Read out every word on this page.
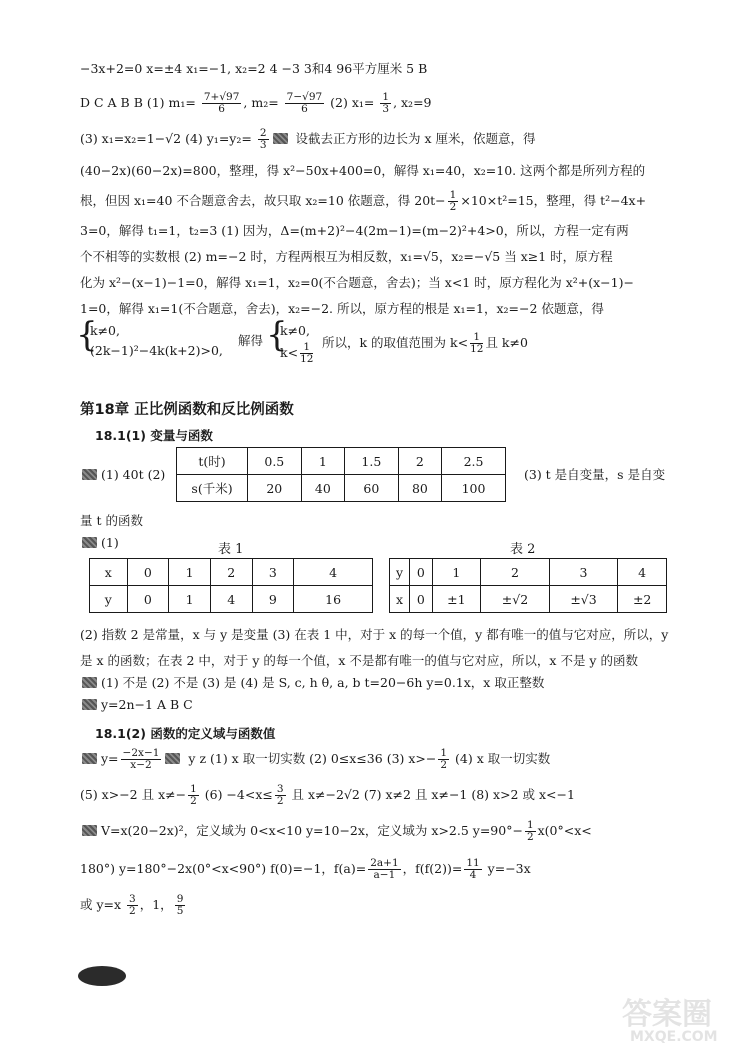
−3x+2=0 x=±4 x₁=−1, x₂=2 4 −3 3和4 96平方厘米 5 B
D C A B B (1) $m_1= \frac{7+√97}{6}$ , $m_2= \frac{7-√97}{6} (2)$ $x_1= \frac{1}{3}$ , x₂=9
(3) x₁=x₂=1−√2 (4) $y_1=y_2= \frac{2}{3}$ 设截去正方形的边长为 x 厘米，依题意，得
(40−2x)(60−2x)=800，整理，得 x²−50x+400=0，解得 x₁=40，x₂=10. 这两个都是所列方程的
根，但因 x₁=40 不合题意舍去，故只取 x₂=10 依题意，得 $20t- \frac{1}{2} \times 10\times t^2=15$，整理，得 t²−4x+
3=0，解得 t₁=1，t₂=3 (1) 因为，Δ=(m+2)²−4(2m−1)=(m−2)²+4>0，所以，方程一定有两
个不相等的实数根 (2) m=−2 时，方程两根互为相反数，x₁=√5，x₂=−√5 当 x≥1 时，原方程
化为 x²−(x−1)−1=0，解得 x₁=1，x₂=0(不合题意，舍去)；当 x<1 时，原方程化为 x²+(x−1)−
1=0，解得 x₁=1(不合题意，舍去)，x₂=−2. 所以，原方程的根是 x₁=1，x₂=−2 依题意，得
{
k≠0,
(2k−1)²−4k(k+2)>0,
解得 {
k≠0,
$k< \frac{1}{12}$ 所以，k 的取值范围为 $k< \frac{1}{12}$ 且 k≠0
第18章 正比例函数和反比例函数
18.1(1) 变量与函数
(1) 40t (2)
t(时)	0.5	1	1.5	2	2.5
s(千米)	20	40	60	80	100
(3) t 是自变量，s 是自变
量 t 的函数
(1)	表 1	表 2
x	0	1	2	3	4
y	0	1	4	9	16
y	0	1	2	3	4
x	0	±1	±√2	±√3	±2
(2) 指数 2 是常量，x 与 y 是变量 (3) 在表 1 中，对于 x 的每一个值，y 都有唯一的值与它对应，所以，y
是 x 的函数；在表 2 中，对于 y 的每一个值，x 不是都有唯一的值与它对应，所以，x 不是 y 的函数
(1) 不是 (2) 不是 (3) 是 (4) 是 S, c, h θ, a, b t=20−6h y=0.1x，x 取正整数
y=2n−1 A B C
18.1(2) 函数的定义域与函数值
$y= \frac{-2x-1}{x-2}$ y z (1) x 取一切实数 (2) 0≤x≤36 (3) $x>- \frac{1}{2} (4)$ x 取一切实数
(5) x>−2 且 $x\ne- \frac{1}{2} (6) -4<x\le \frac{3}{2}$ 且 x≠−2√2 (7) x≠2 且 x≠−1 (8) x>2 或 x<−1
V=x(20−2x)²，定义域为 0<x<10 y=10−2x，定义域为 x>2.5 $y=90^\circ- \frac{1}{2} x(0^\circ<x<$
180°) y=180°−2x(0°<x<90°) f(0)=−1，$f(a)= \frac{2a+1}{a-1}$ ，$f(f(2))= \frac{11}{4} y=-3x$
或 $y=x \frac{3}{2}$ ，1， $\frac{9}{5}$
答案圈
MXQE.COM
